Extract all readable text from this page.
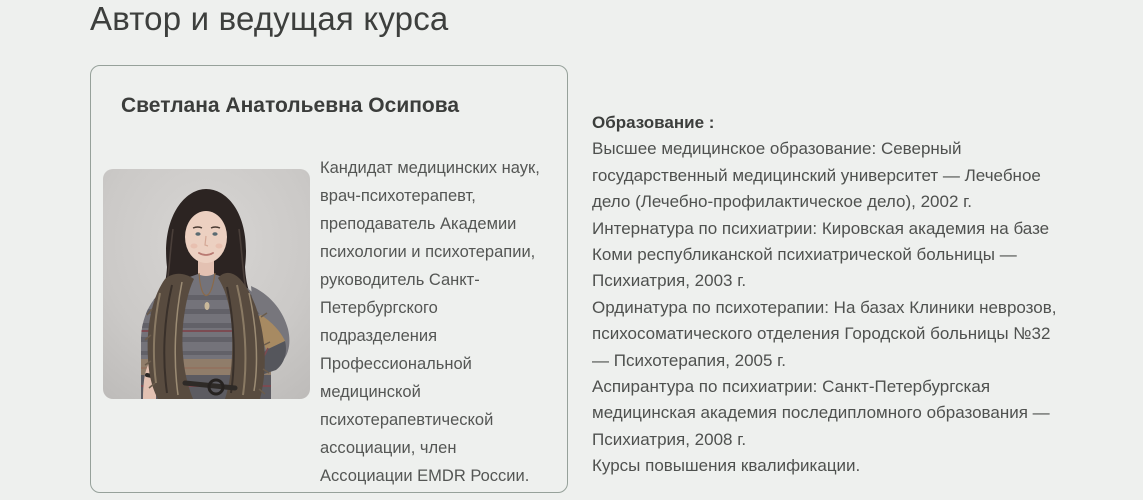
Автор и ведущая курса
Светлана Анатольевна Осипова

Кандидат медицинских наук, врач-психотерапевт, преподаватель Академии психологии и психотерапии, руководитель Санкт-Петербургского подразделения Профессиональной медицинской психотерапевтической ассоциации, член Ассоциации EMDR России.

Образование :
Высшее медицинское образование: Северный государственный медицинский университет — Лечебное дело (Лечебно-профилактическое дело), 2002 г.
Интернатура по психиатрии: Кировская академия на базе Коми республиканской психиатрической больницы — Психиатрия, 2003 г.
Ординатура по психотерапии: На базах Клиники неврозов, психосоматического отделения Городской больницы №32 — Психотерапия, 2005 г.
Аспирантура по психиатрии: Санкт-Петербургская медицинская академия последипломного образования — Психиатрия, 2008 г.
Курсы повышения квалификации.
